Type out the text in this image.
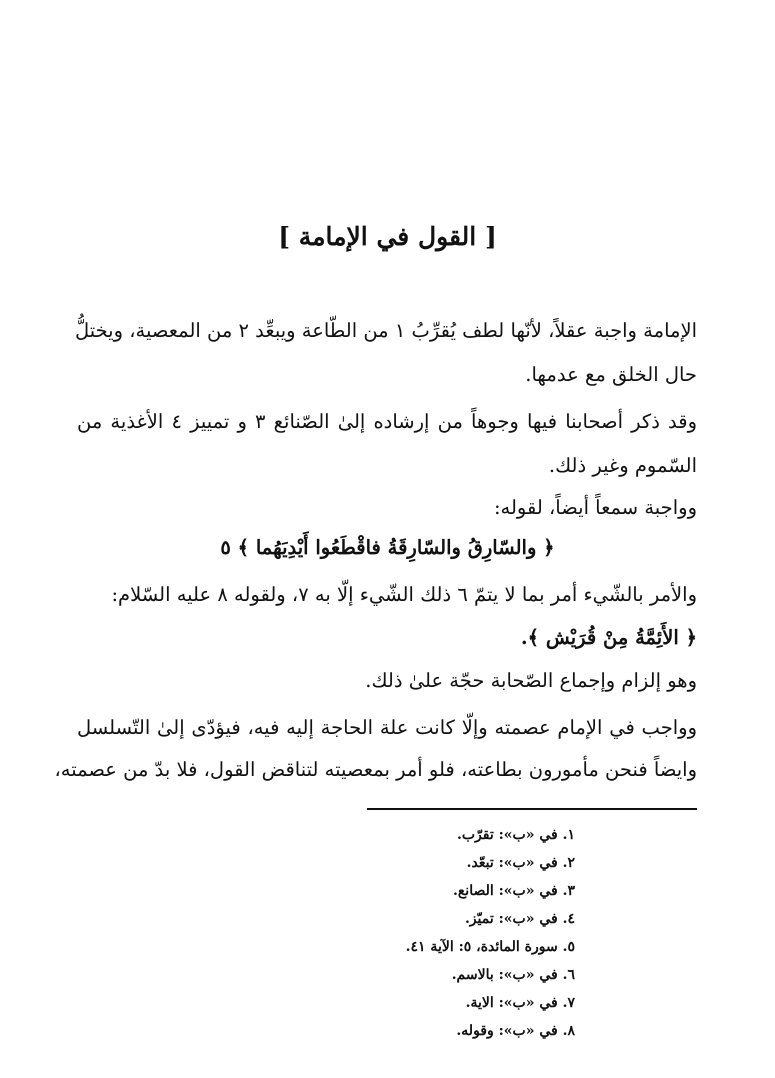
[ القول في الإمامة ]
الإمامة واجبة عقلاً، لأنّها لطف يُقرِّبُ ١ من الطّاعة ويبعِّد ٢ من المعصية، ويختلُّ
حال الخلق مع عدمها.
وقد ذكر أصحابنا فيها وجوهاً من إرشاده إلىٰ الصّنائع ٣ و تمييز ٤ الأغذية من
السّموم وغير ذلك.
وواجبة سمعاً أيضاً، لقوله:
﴿ والسّارِقُ والسّارِقَةُ فاقْطَعُوا أَيْدِيَهُما ﴾ ٥
والأمر بالشّيء أمر بما لا يتمّ ٦ ذلك الشّيء إلّا به ٧، ولقوله ٨ عليه السّلام:
﴿ الأَئِمَّةُ مِنْ قُرَيْش ﴾.
وهو إلزام وإجماع الصّحابة حجّة علىٰ ذلك.
وواجب في الإمام عصمته وإلّا كانت علة الحاجة إليه فيه، فيؤدّى إلىٰ التّسلسل
وايضاً فنحن مأمورون بطاعته، فلو أمر بمعصيته لتناقض القول، فلا بدّ من عصمته،
١. في «ب»: تقرّب.
٢. في «ب»: تبعّد.
٣. في «ب»: الصانع.
٤. في «ب»: تميّز.
٥. سورة المائدة، ٥: الآية ٤١.
٦. في «ب»: بالاسم.
٧. في «ب»: الاية.
٨. في «ب»: وقوله.
